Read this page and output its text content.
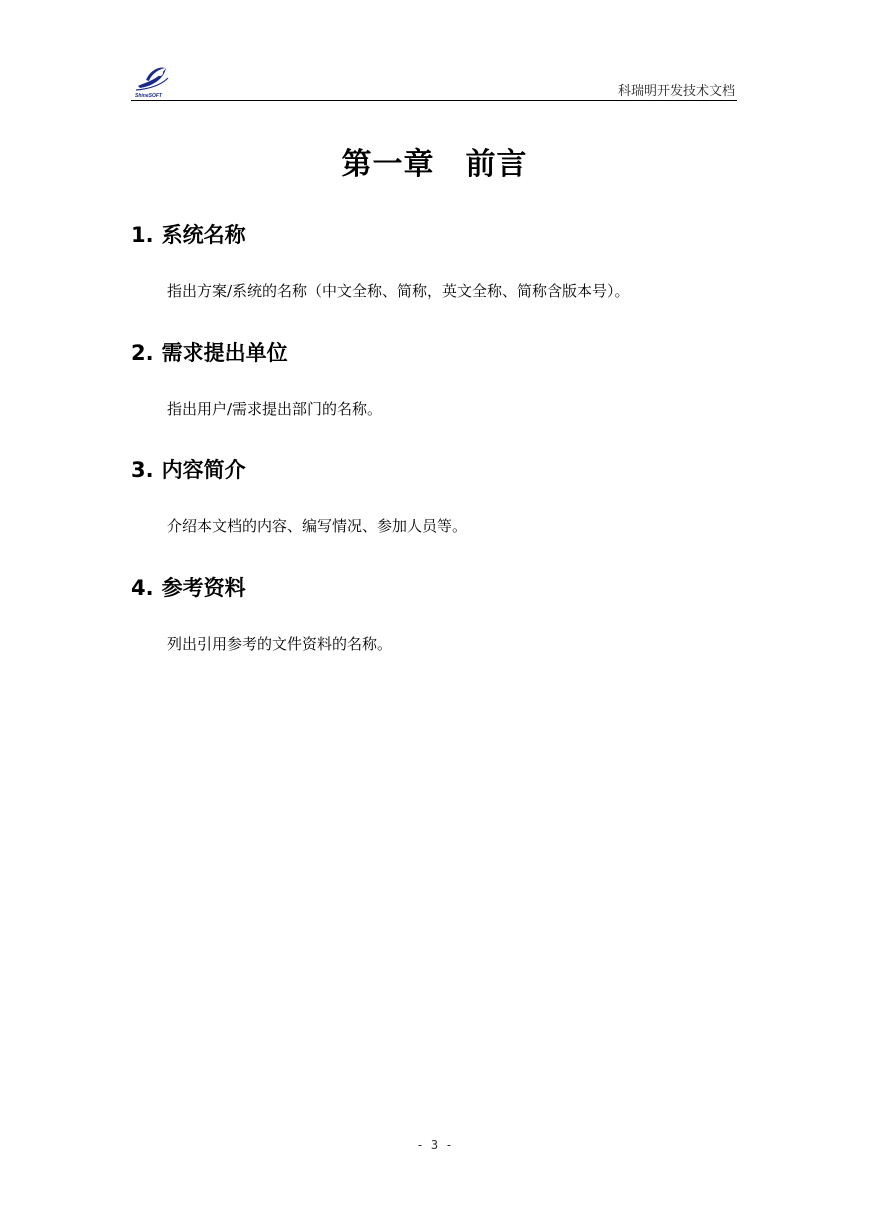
ShineSOFT	科瑞明开发技术文档
第一章　前言
1. 系统名称
指出方案/系统的名称（中文全称、简称，英文全称、简称含版本号）。
2. 需求提出单位
指出用户/需求提出部门的名称。
3. 内容简介
介绍本文档的内容、编写情况、参加人员等。
4. 参考资料
列出引用参考的文件资料的名称。
- 3 -
